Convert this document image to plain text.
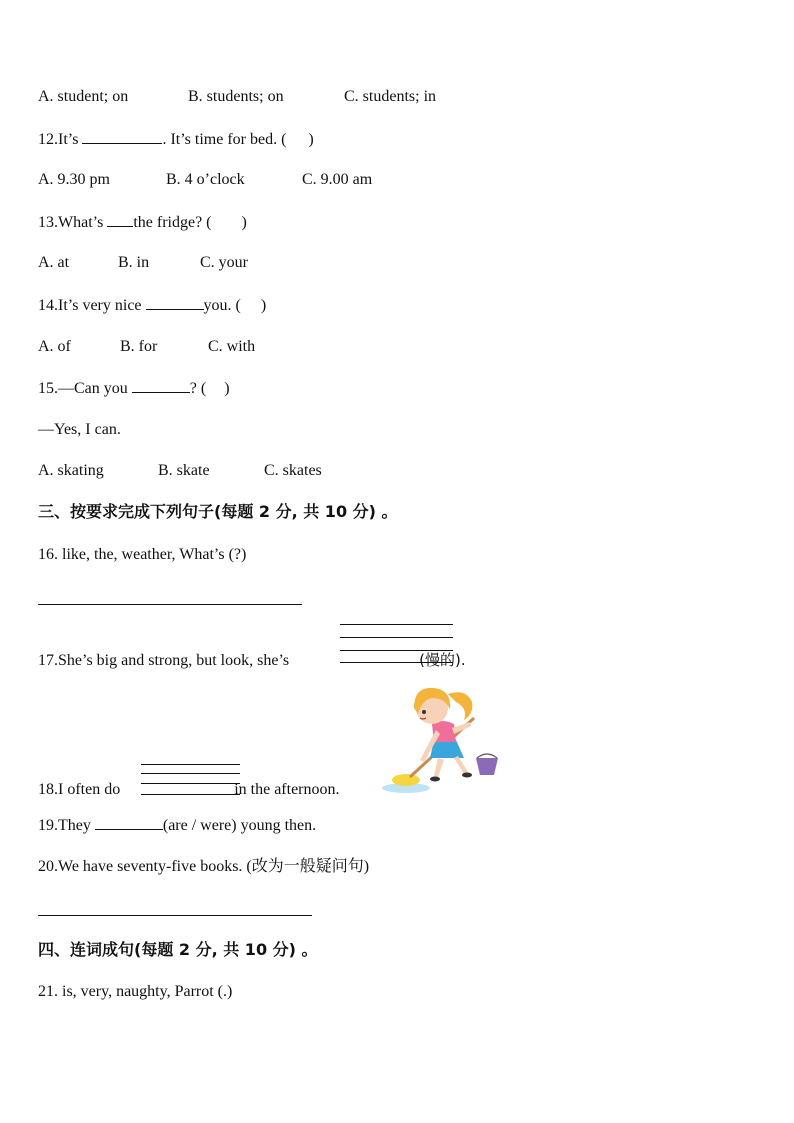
A. student; on	B. students; on	C. students; in
12.It’s	. It’s time for bed. ( )
A. 9.30 pm	B. 4 o’clock	C. 9.00 am
13.What’s the fridge? ( )
A. at	B. in	C. your
14.It’s very nice	you. ( )
A. of	B. for	C. with
15.—Can you	? ( )
—Yes, I can.
A. skating	B. skate	C. skates
三、按要求完成下列句子(每题 2 分, 共 10 分) 。
16. like, the, weather, What’s (?)
17.She’s big and strong, but look, she’s	(慢的).
18.I often do	in the afternoon.
19.They	(are / were) young then.
20.We have seventy-five books. (改为一般疑问句)
四、连词成句(每题 2 分, 共 10 分) 。
21. is, very, naughty, Parrot (.)
